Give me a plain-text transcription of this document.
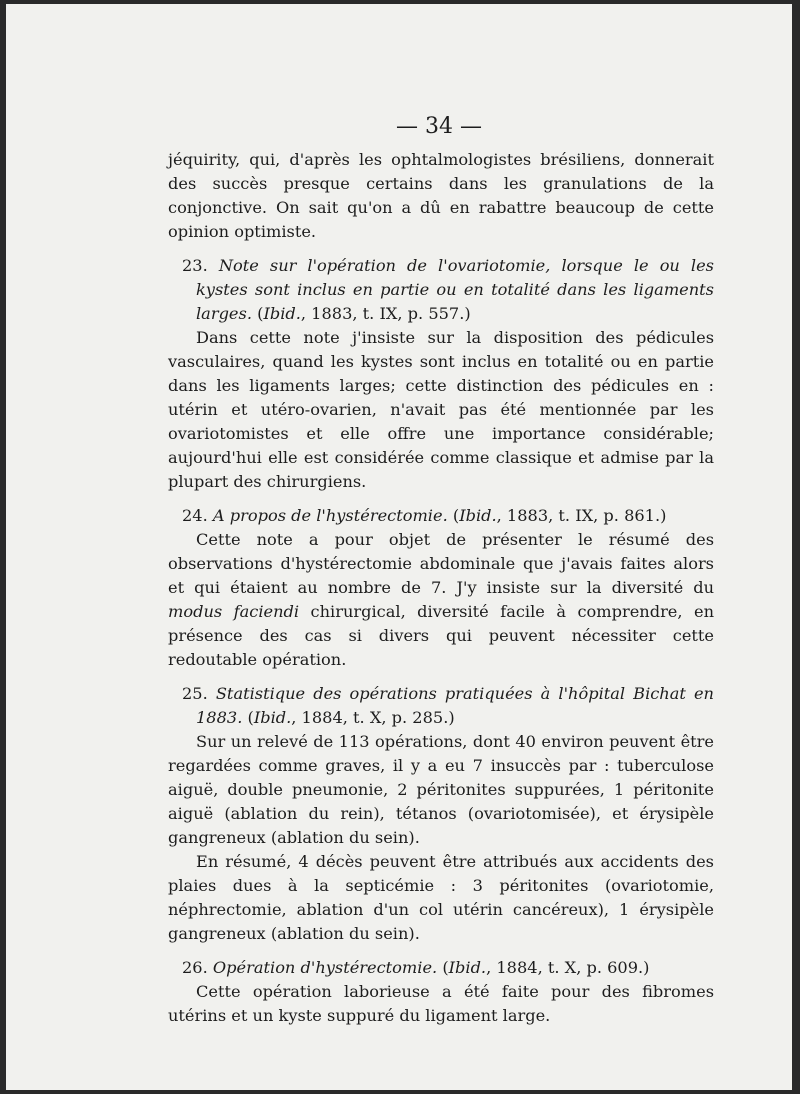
— 34 —

jéquirity, qui, d'après les ophtalmologistes brésiliens, donnerait des succès presque certains dans les granulations de la conjonctive. On sait qu'on a dû en rabattre beaucoup de cette opinion optimiste.

23. Note sur l'opération de l'ovariotomie, lorsque le ou les kystes sont inclus en partie ou en totalité dans les ligaments larges. (Ibid., 1883, t. IX, p. 557.)

Dans cette note j'insiste sur la disposition des pédicules vasculaires, quand les kystes sont inclus en totalité ou en partie dans les ligaments larges; cette distinction des pédicules en : utérin et utéro-ovarien, n'avait pas été mentionnée par les ovariotomistes et elle offre une importance considérable; aujourd'hui elle est considérée comme classique et admise par la plupart des chirurgiens.

24. A propos de l'hystérectomie. (Ibid., 1883, t. IX, p. 861.)

Cette note a pour objet de présenter le résumé des observations d'hystérectomie abdominale que j'avais faites alors et qui étaient au nombre de 7. J'y insiste sur la diversité du modus faciendi chirurgical, diversité facile à comprendre, en présence des cas si divers qui peuvent nécessiter cette redoutable opération.

25. Statistique des opérations pratiquées à l'hôpital Bichat en 1883. (Ibid., 1884, t. X, p. 285.)

Sur un relevé de 113 opérations, dont 40 environ peuvent être regardées comme graves, il y a eu 7 insuccès par : tuberculose aiguë, double pneumonie, 2 péritonites suppurées, 1 péritonite aiguë (ablation du rein), tétanos (ovariotomisée), et érysipèle gangreneux (ablation du sein).

En résumé, 4 décès peuvent être attribués aux accidents des plaies dues à la septicémie : 3 péritonites (ovariotomie, néphrectomie, ablation d'un col utérin cancéreux), 1 érysipèle gangreneux (ablation du sein).

26. Opération d'hystérectomie. (Ibid., 1884, t. X, p. 609.)

Cette opération laborieuse a été faite pour des fibromes utérins et un kyste suppuré du ligament large.
